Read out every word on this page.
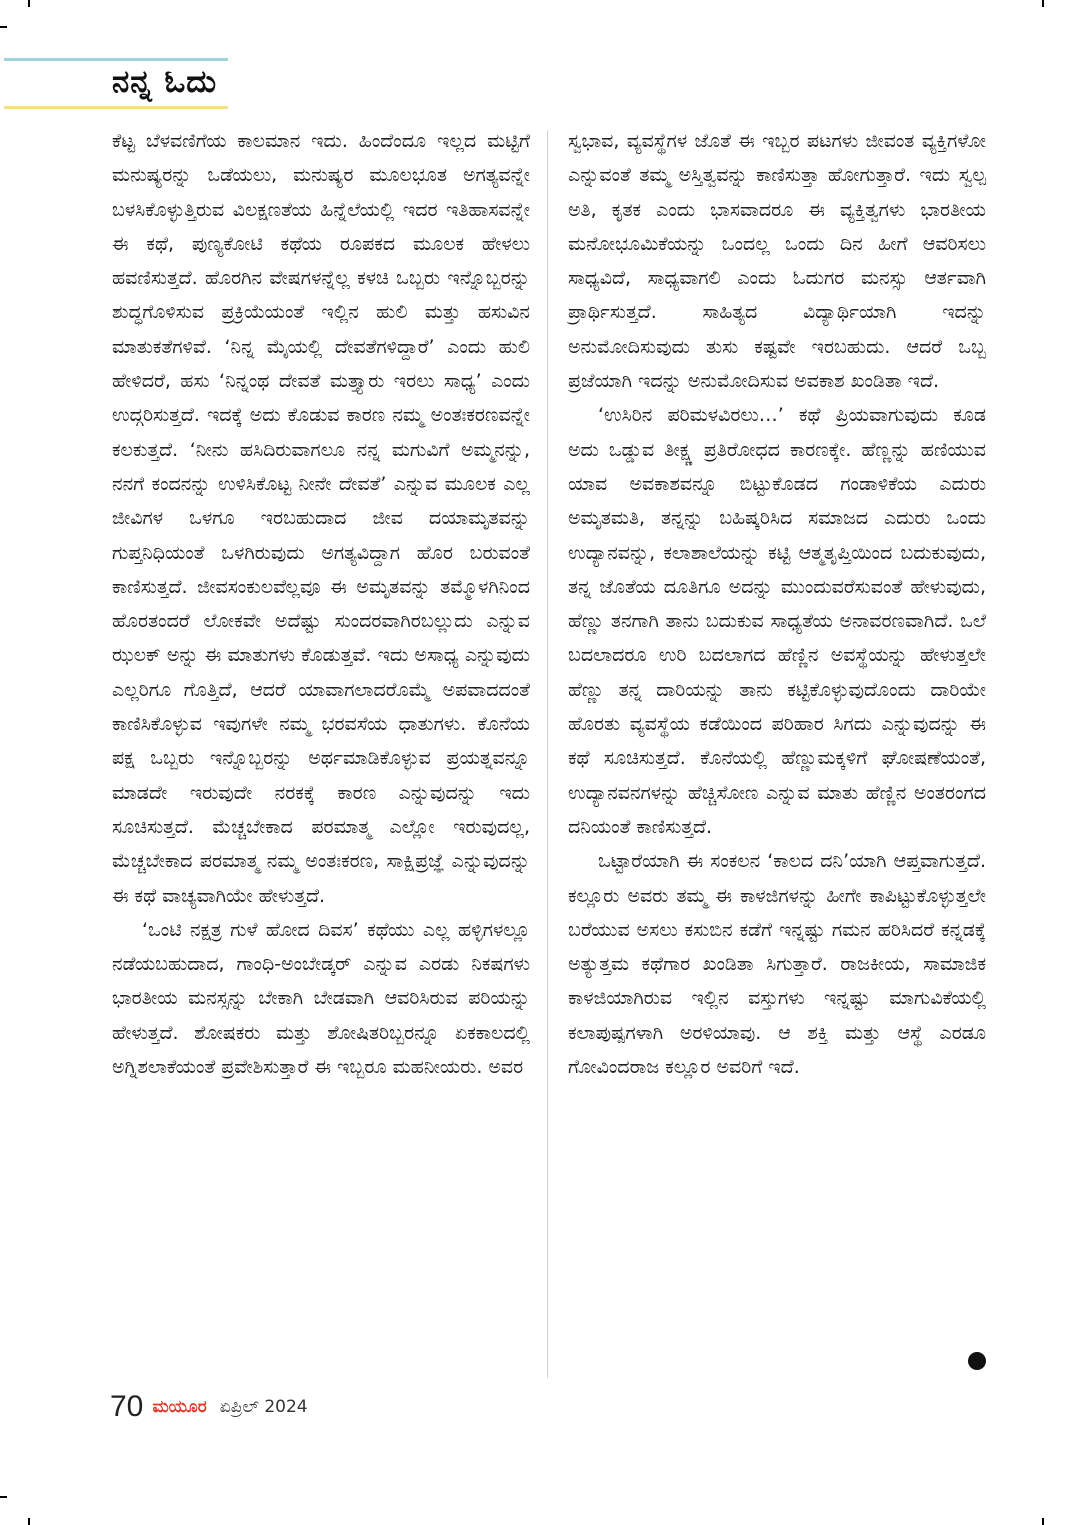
ನನ್ನ ಓದು

ಕೆಟ್ಟ ಬೆಳವಣಿಗೆಯ ಕಾಲಮಾನ ಇದು. ಹಿಂದೆಂದೂ ಇಲ್ಲದ ಮಟ್ಟಿಗೆ ಮನುಷ್ಯರನ್ನು ಒಡೆಯಲು, ಮನುಷ್ಯರ ಮೂಲಭೂತ ಅಗತ್ಯವನ್ನೇ ಬಳಸಿಕೊಳ್ಳುತ್ತಿರುವ ವಿಲಕ್ಷಣತೆಯ ಹಿನ್ನೆಲೆಯಲ್ಲಿ ಇದರ ಇತಿಹಾಸವನ್ನೇ ಈ ಕಥೆ, ಪುಣ್ಯಕೋಟಿ ಕಥೆಯ ರೂಪಕದ ಮೂಲಕ ಹೇಳಲು ಹವಣಿಸುತ್ತದೆ. ಹೊರಗಿನ ವೇಷಗಳನ್ನೆಲ್ಲ ಕಳಚಿ ಒಬ್ಬರು ಇನ್ನೊಬ್ಬರನ್ನು ಶುದ್ಧಗೊಳಿಸುವ ಪ್ರಕ್ರಿಯೆಯಂತೆ ಇಲ್ಲಿನ ಹುಲಿ ಮತ್ತು ಹಸುವಿನ ಮಾತುಕತೆಗಳಿವೆ. ‘ನಿನ್ನ ಮೈಯಲ್ಲಿ ದೇವತೆಗಳಿದ್ದಾರೆ’ ಎಂದು ಹುಲಿ ಹೇಳಿದರೆ, ಹಸು ‘ನಿನ್ನಂಥ ದೇವತೆ ಮತ್ತ್ಯಾರು ಇರಲು ಸಾಧ್ಯ’ ಎಂದು ಉದ್ಗರಿಸುತ್ತದೆ. ಇದಕ್ಕೆ ಅದು ಕೊಡುವ ಕಾರಣ ನಮ್ಮ ಅಂತಃಕರಣವನ್ನೇ ಕಲಕುತ್ತದೆ. ‘ನೀನು ಹಸಿದಿರುವಾಗಲೂ ನನ್ನ ಮಗುವಿಗೆ ಅಮ್ಮನನ್ನು, ನನಗೆ ಕಂದನನ್ನು ಉಳಿಸಿಕೊಟ್ಟ ನೀನೇ ದೇವತೆ’ ಎನ್ನುವ ಮೂಲಕ ಎಲ್ಲ ಜೀವಿಗಳ ಒಳಗೂ ಇರಬಹುದಾದ ಜೀವ ದಯಾಮೃತವನ್ನು ಗುಪ್ತನಿಧಿಯಂತೆ ಒಳಗಿರುವುದು ಅಗತ್ಯವಿದ್ದಾಗ ಹೊರ ಬರುವಂತೆ ಕಾಣಿಸುತ್ತದೆ. ಜೀವಸಂಕುಲವೆಲ್ಲವೂ ಈ ಅಮೃತವನ್ನು ತಮ್ಮೊಳಗಿನಿಂದ ಹೊರತಂದರೆ ಲೋಕವೇ ಅದೆಷ್ಟು ಸುಂದರವಾಗಿರಬಲ್ಲುದು ಎನ್ನುವ ಝಲಕ್ ಅನ್ನು ಈ ಮಾತುಗಳು ಕೊಡುತ್ತವೆ. ಇದು ಅಸಾಧ್ಯ ಎನ್ನುವುದು ಎಲ್ಲರಿಗೂ ಗೊತ್ತಿದೆ, ಆದರೆ ಯಾವಾಗಲಾದರೊಮ್ಮೆ ಅಪವಾದದಂತೆ ಕಾಣಿಸಿಕೊಳ್ಳುವ ಇವುಗಳೇ ನಮ್ಮ ಭರವಸೆಯ ಧಾತುಗಳು. ಕೊನೆಯ ಪಕ್ಷ ಒಬ್ಬರು ಇನ್ನೊಬ್ಬರನ್ನು ಅರ್ಥಮಾಡಿಕೊಳ್ಳುವ ಪ್ರಯತ್ನವನ್ನೂ ಮಾಡದೇ ಇರುವುದೇ ನರಕಕ್ಕೆ ಕಾರಣ ಎನ್ನುವುದನ್ನು ಇದು ಸೂಚಿಸುತ್ತದೆ. ಮೆಚ್ಚಬೇಕಾದ ಪರಮಾತ್ಮ ಎಲ್ಲೋ ಇರುವುದಲ್ಲ, ಮೆಚ್ಚಬೇಕಾದ ಪರಮಾತ್ಮ ನಮ್ಮ ಅಂತಃಕರಣ, ಸಾಕ್ಷಿಪ್ರಜ್ಞೆ ಎನ್ನುವುದನ್ನು ಈ ಕಥೆ ವಾಚ್ಯವಾಗಿಯೇ ಹೇಳುತ್ತದೆ.

‘ಒಂಟಿ ನಕ್ಷತ್ರ ಗುಳೆ ಹೋದ ದಿವಸ’ ಕಥೆಯು ಎಲ್ಲ ಹಳ್ಳಿಗಳಲ್ಲೂ ನಡೆಯಬಹುದಾದ, ಗಾಂಧಿ-ಅಂಬೇಡ್ಕರ್ ಎನ್ನುವ ಎರಡು ನಿಕಷಗಳು ಭಾರತೀಯ ಮನಸ್ಸನ್ನು ಬೇಕಾಗಿ ಬೇಡವಾಗಿ ಆವರಿಸಿರುವ ಪರಿಯನ್ನು ಹೇಳುತ್ತದೆ. ಶೋಷಕರು ಮತ್ತು ಶೋಷಿತರಿಬ್ಬರನ್ನೂ ಏಕಕಾಲದಲ್ಲಿ ಅಗ್ನಿಶಲಾಕೆಯಂತೆ ಪ್ರವೇಶಿಸುತ್ತಾರೆ ಈ ಇಬ್ಬರೂ ಮಹನೀಯರು. ಅವರ

ಸ್ವಭಾವ, ವ್ಯವಸ್ಥೆಗಳ ಜೊತೆ ಈ ಇಬ್ಬರ ಪಟಗಳು ಜೀವಂತ ವ್ಯಕ್ತಿಗಳೋ ಎನ್ನುವಂತೆ ತಮ್ಮ ಅಸ್ತಿತ್ವವನ್ನು ಕಾಣಿಸುತ್ತಾ ಹೋಗುತ್ತಾರೆ. ಇದು ಸ್ವಲ್ಪ ಅತಿ, ಕೃತಕ ಎಂದು ಭಾಸವಾದರೂ ಈ ವ್ಯಕ್ತಿತ್ವಗಳು ಭಾರತೀಯ ಮನೋಭೂಮಿಕೆಯನ್ನು ಒಂದಲ್ಲ ಒಂದು ದಿನ ಹೀಗೆ ಆವರಿಸಲು ಸಾಧ್ಯವಿದೆ, ಸಾಧ್ಯವಾಗಲಿ ಎಂದು ಓದುಗರ ಮನಸ್ಸು ಆರ್ತವಾಗಿ ಪ್ರಾರ್ಥಿಸುತ್ತದೆ. ಸಾಹಿತ್ಯದ ವಿದ್ಯಾರ್ಥಿಯಾಗಿ ಇದನ್ನು ಅನುಮೋದಿಸುವುದು ತುಸು ಕಷ್ಟವೇ ಇರಬಹುದು. ಆದರೆ ಒಬ್ಬ ಪ್ರಜೆಯಾಗಿ ಇದನ್ನು ಅನುಮೋದಿಸುವ ಅವಕಾಶ ಖಂಡಿತಾ ಇದೆ.

‘ಉಸಿರಿನ ಪರಿಮಳವಿರಲು…’ ಕಥೆ ಪ್ರಿಯವಾಗುವುದು ಕೂಡ ಅದು ಒಡ್ಡುವ ತೀಕ್ಷ್ಣ ಪ್ರತಿರೋಧದ ಕಾರಣಕ್ಕೇ. ಹೆಣ್ಣನ್ನು ಹಣಿಯುವ ಯಾವ ಅವಕಾಶವನ್ನೂ ಬಿಟ್ಟುಕೊಡದ ಗಂಡಾಳಿಕೆಯ ಎದುರು ಅಮೃತಮತಿ, ತನ್ನನ್ನು ಬಹಿಷ್ಕರಿಸಿದ ಸಮಾಜದ ಎದುರು ಒಂದು ಉದ್ಯಾನವನ್ನು, ಕಲಾಶಾಲೆಯನ್ನು ಕಟ್ಟಿ ಆತ್ಮತೃಪ್ತಿಯಿಂದ ಬದುಕುವುದು, ತನ್ನ ಜೊತೆಯ ದೂತಿಗೂ ಅದನ್ನು ಮುಂದುವರೆಸುವಂತೆ ಹೇಳುವುದು, ಹೆಣ್ಣು ತನಗಾಗಿ ತಾನು ಬದುಕುವ ಸಾಧ್ಯತೆಯ ಅನಾವರಣವಾಗಿದೆ. ಒಲೆ ಬದಲಾದರೂ ಉರಿ ಬದಲಾಗದ ಹೆಣ್ಣಿನ ಅವಸ್ಥೆಯನ್ನು ಹೇಳುತ್ತಲೇ ಹೆಣ್ಣು ತನ್ನ ದಾರಿಯನ್ನು ತಾನು ಕಟ್ಟಿಕೊಳ್ಳುವುದೊಂದು ದಾರಿಯೇ ಹೊರತು ವ್ಯವಸ್ಥೆಯ ಕಡೆಯಿಂದ ಪರಿಹಾರ ಸಿಗದು ಎನ್ನುವುದನ್ನು ಈ ಕಥೆ ಸೂಚಿಸುತ್ತದೆ. ಕೊನೆಯಲ್ಲಿ ಹೆಣ್ಣುಮಕ್ಕಳಿಗೆ ಘೋಷಣೆಯಂತೆ, ಉದ್ಯಾನವನಗಳನ್ನು ಹೆಚ್ಚಿಸೋಣ ಎನ್ನುವ ಮಾತು ಹೆಣ್ಣಿನ ಅಂತರಂಗದ ದನಿಯಂತೆ ಕಾಣಿಸುತ್ತದೆ.

ಒಟ್ಟಾರೆಯಾಗಿ ಈ ಸಂಕಲನ ‘ಕಾಲದ ದನಿ’ಯಾಗಿ ಆಪ್ತವಾಗುತ್ತದೆ. ಕಲ್ಲೂರು ಅವರು ತಮ್ಮ ಈ ಕಾಳಜಿಗಳನ್ನು ಹೀಗೇ ಕಾಪಿಟ್ಟುಕೊಳ್ಳುತ್ತಲೇ ಬರೆಯುವ ಅಸಲು ಕಸುಬಿನ ಕಡೆಗೆ ಇನ್ನಷ್ಟು ಗಮನ ಹರಿಸಿದರೆ ಕನ್ನಡಕ್ಕೆ ಅತ್ಯುತ್ತಮ ಕಥೆಗಾರ ಖಂಡಿತಾ ಸಿಗುತ್ತಾರೆ. ರಾಜಕೀಯ, ಸಾಮಾಜಿಕ ಕಾಳಜಿಯಾಗಿರುವ ಇಲ್ಲಿನ ವಸ್ತುಗಳು ಇನ್ನಷ್ಟು ಮಾಗುವಿಕೆಯಲ್ಲಿ ಕಲಾಪುಷ್ಪಗಳಾಗಿ ಅರಳಿಯಾವು. ಆ ಶಕ್ತಿ ಮತ್ತು ಆಸ್ಥೆ ಎರಡೂ ಗೋವಿಂದರಾಜ ಕಲ್ಲೂರ ಅವರಿಗೆ ಇದೆ.

70 ಮಯೂರ ಏಪ್ರಿಲ್ 2024
